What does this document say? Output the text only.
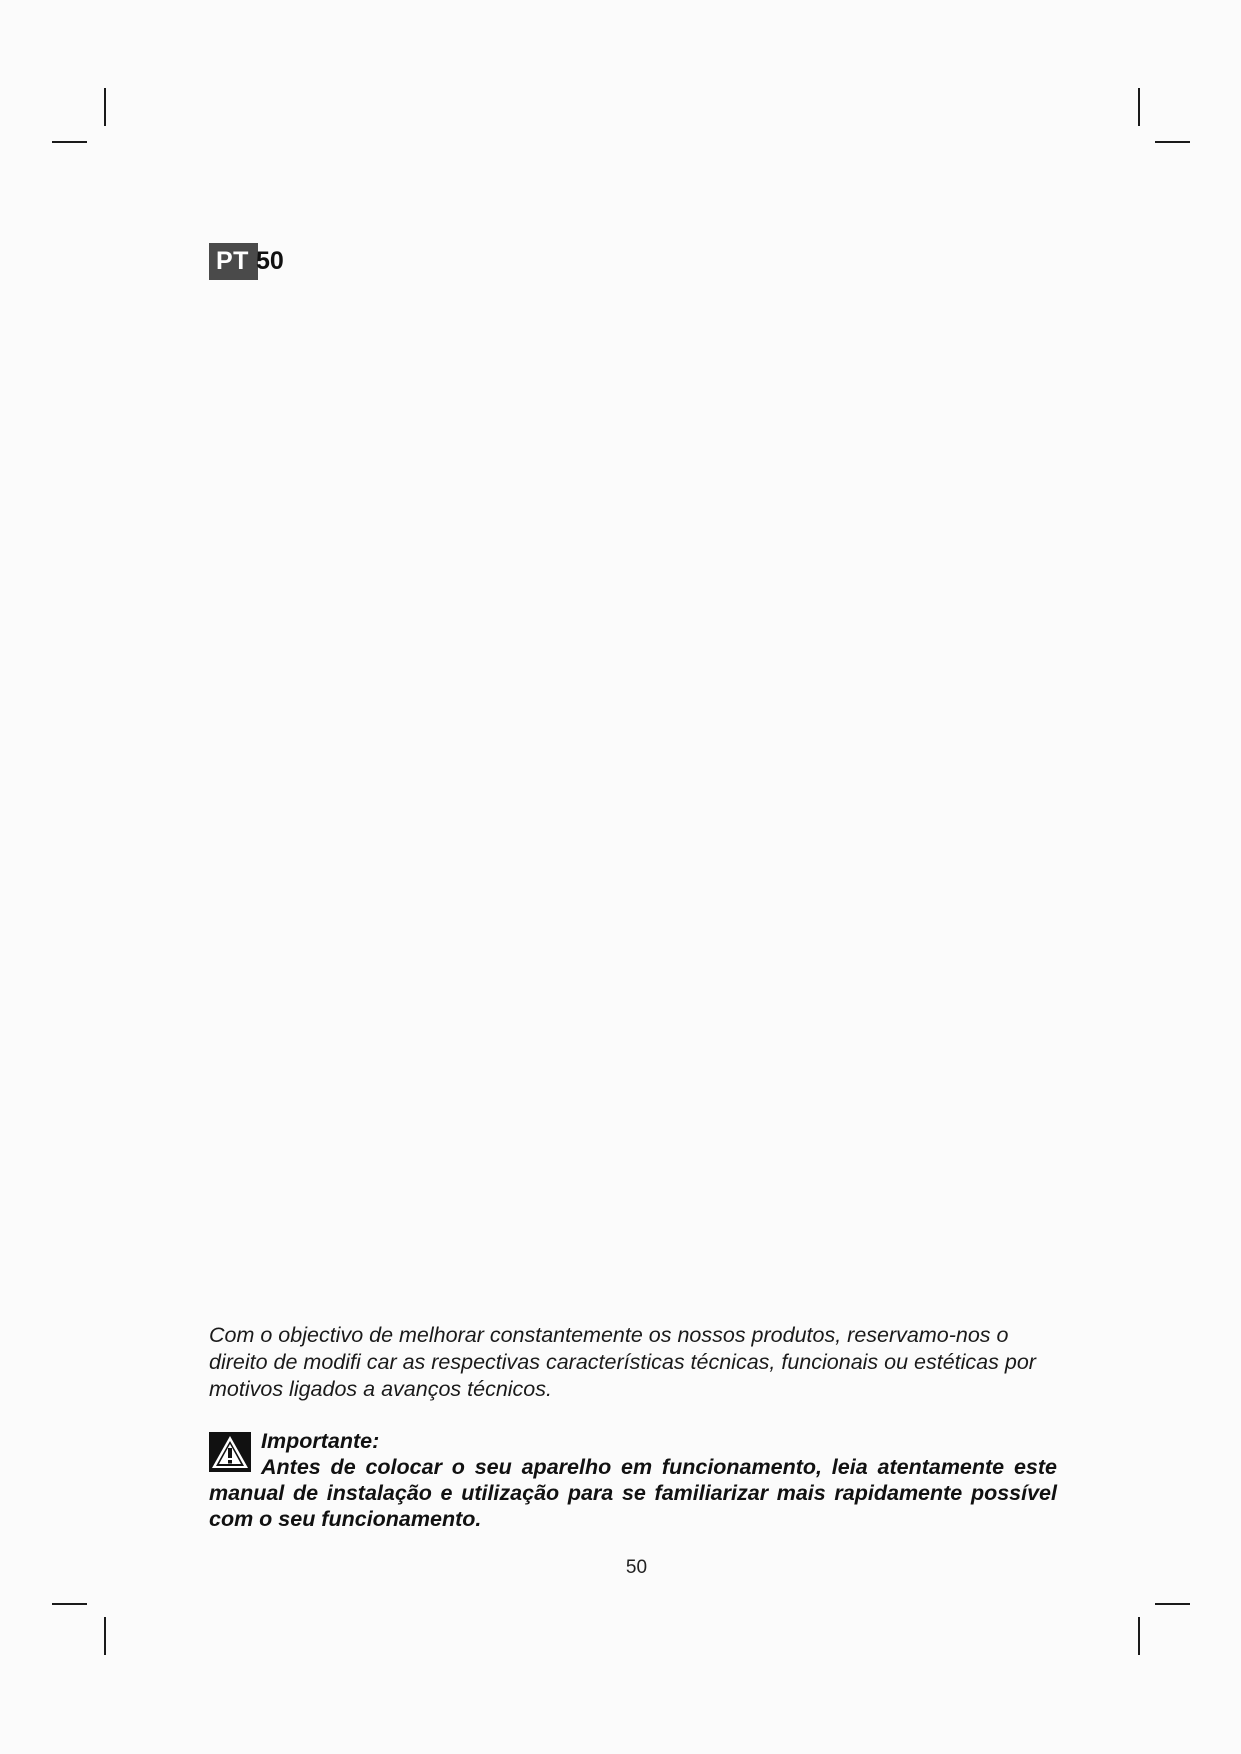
PT 50

Com o objectivo de melhorar constantemente os nossos produtos, reservamo-nos o direito de modifi car as respectivas características técnicas, funcionais ou estéticas por motivos ligados a avanços técnicos.

Importante:

Antes de colocar o seu aparelho em funcionamento, leia atentamente este manual de instalação e utilização para se familiarizar mais rapidamente possível com o seu funcionamento.

50
